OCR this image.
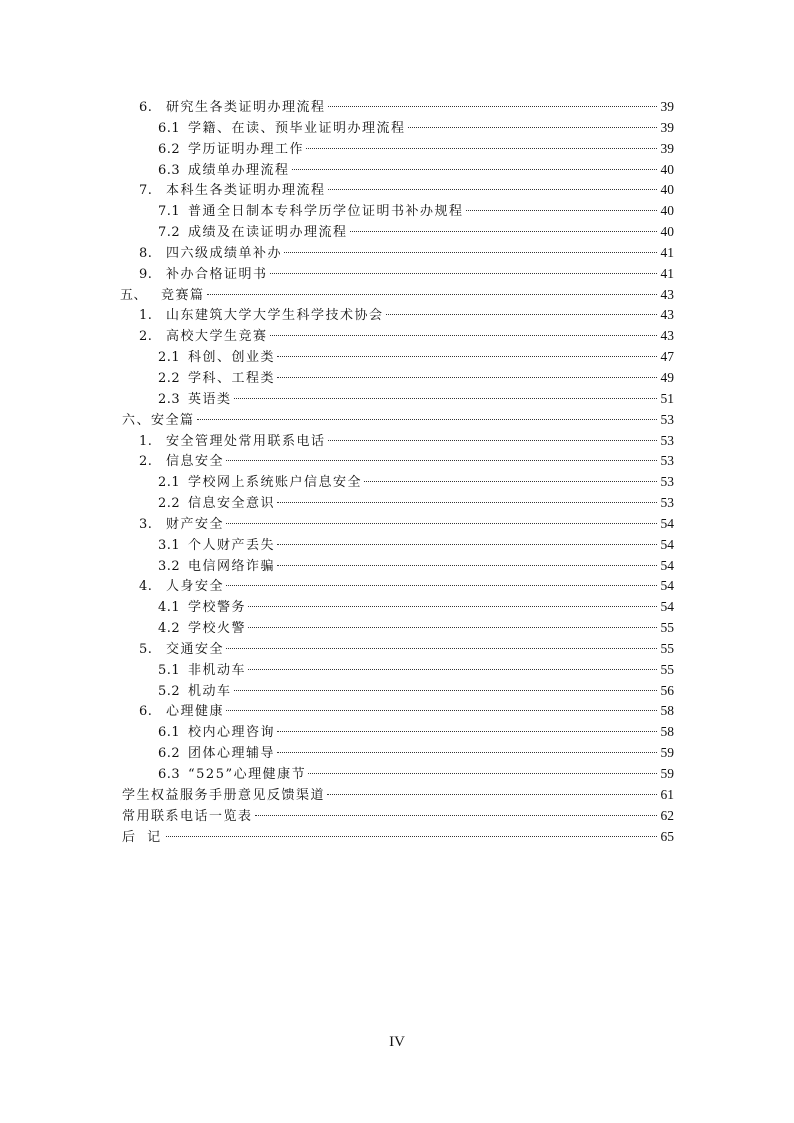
6.	研究生各类证明办理流程	39
6.1 学籍、在读、预毕业证明办理流程	39
6.2 学历证明办理工作	39
6.3 成绩单办理流程	40
7.	本科生各类证明办理流程	40
7.1 普通全日制本专科学历学位证明书补办规程	40
7.2 成绩及在读证明办理流程	40
8.	四六级成绩单补办	41
9.	补办合格证明书	41
五、	竞赛篇	43
1.	山东建筑大学大学生科学技术协会	43
2.	高校大学生竞赛	43
2.1 科创、创业类	47
2.2 学科、工程类	49
2.3 英语类	51
六、安全篇	53
1.	安全管理处常用联系电话	53
2.	信息安全	53
2.1 学校网上系统账户信息安全	53
2.2 信息安全意识	53
3.	财产安全	54
3.1 个人财产丢失	54
3.2 电信网络诈骗	54
4.	人身安全	54
4.1 学校警务	54
4.2 学校火警	55
5.	交通安全	55
5.1 非机动车	55
5.2 机动车	56
6.	心理健康	58
6.1 校内心理咨询	58
6.2 团体心理辅导	59
6.3 “525”心理健康节	59
学生权益服务手册意见反馈渠道	61
常用联系电话一览表	62
后 记	65
IV
